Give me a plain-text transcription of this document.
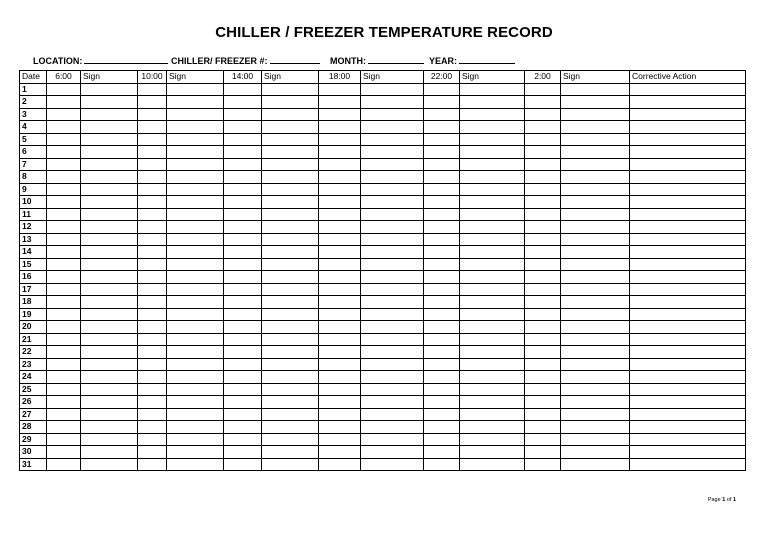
CHILLER / FREEZER TEMPERATURE RECORD
LOCATION:	CHILLER/ FREEZER #:	MONTH:	YEAR:
Date	6:00	Sign	10:00	Sign	14:00	Sign	18:00	Sign	22:00	Sign	2:00	Sign	Corrective Action
1													
2													
3													
4													
5													
6													
7													
8													
9													
10													
11													
12													
13													
14													
15													
16													
17													
18													
19													
20													
21													
22													
23													
24													
25													
26													
27													
28													
29													
30													
31													
Page 1 of 1
